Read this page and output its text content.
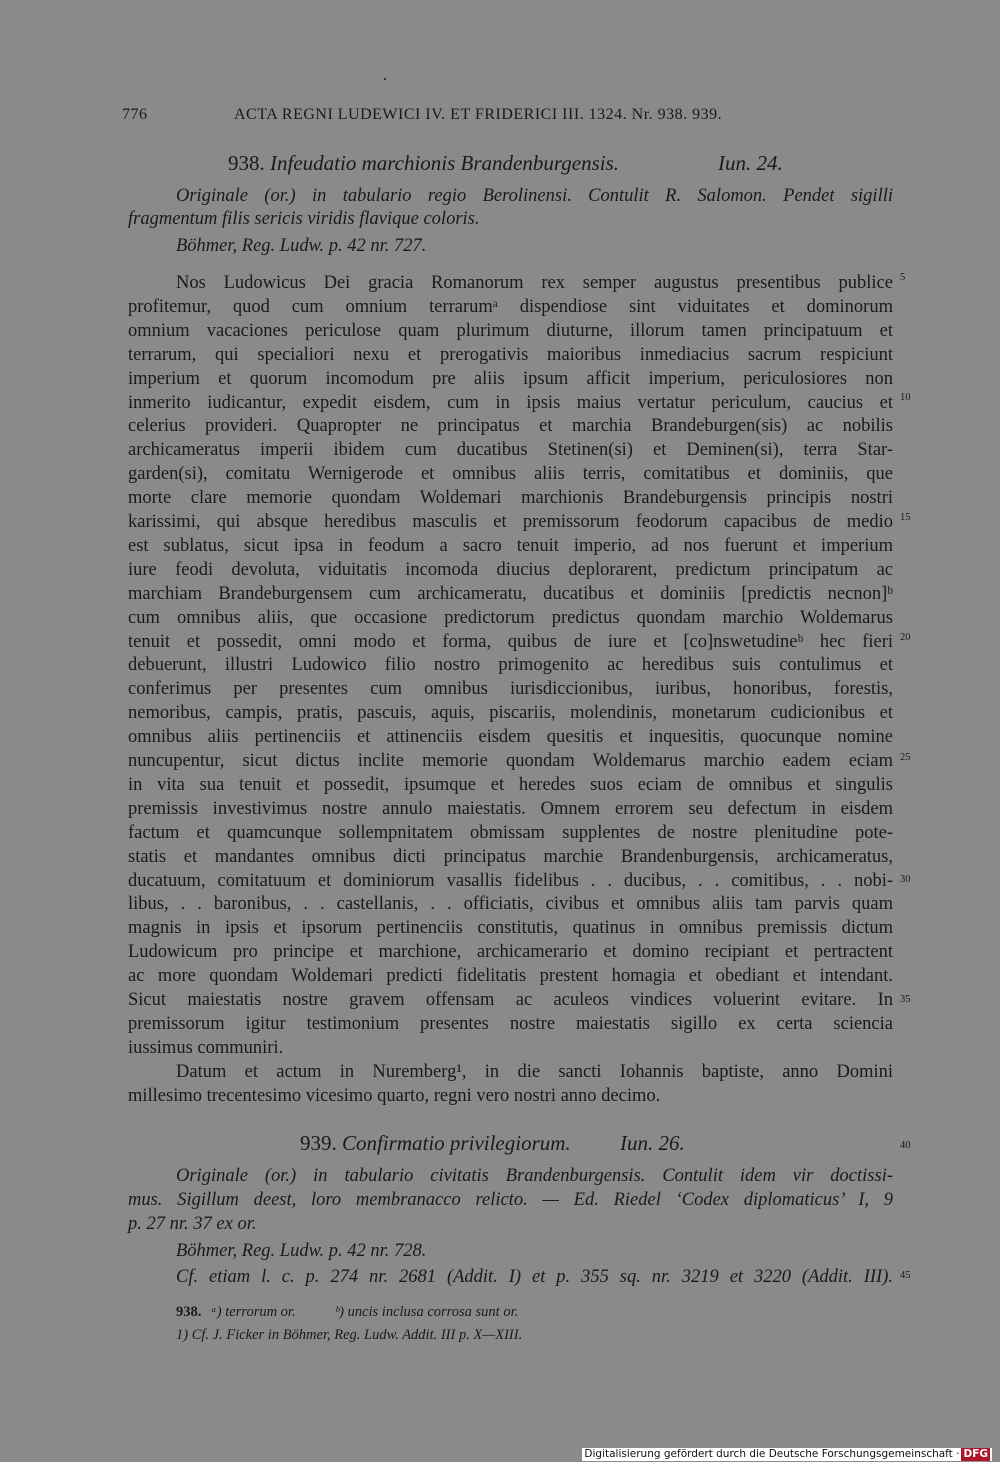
776	ACTA REGNI LUDEWICI IV. ET FRIDERICI III. 1324. Nr. 938. 939.
938. Infeudatio marchionis Brandenburgensis.	Iun. 24.
Originale (or.) in tabulario regio Berolinensi. Contulit R. Salomon. Pendet sigilli
fragmentum filis sericis viridis flavique coloris.
Böhmer, Reg. Ludw. p. 42 nr. 727.
Nos Ludowicus Dei gracia Romanorum rex semper augustus presentibus publice
profitemur, quod cum omnium terrarumᵃ dispendiose sint viduitates et dominorum
omnium vacaciones periculose quam plurimum diuturne, illorum tamen principatuum et
terrarum, qui specialiori nexu et prerogativis maioribus inmediacius sacrum respiciunt
imperium et quorum incomodum pre aliis ipsum afficit imperium, periculosiores non
inmerito iudicantur, expedit eisdem, cum in ipsis maius vertatur periculum, caucius et
celerius provideri. Quapropter ne principatus et marchia Brandeburgen(sis) ac nobilis
archicameratus imperii ibidem cum ducatibus Stetinen(si) et Deminen(si), terra Star-
garden(si), comitatu Wernigerode et omnibus aliis terris, comitatibus et dominiis, que
morte clare memorie quondam Woldemari marchionis Brandeburgensis principis nostri
karissimi, qui absque heredibus masculis et premissorum feodorum capacibus de medio
est sublatus, sicut ipsa in feodum a sacro tenuit imperio, ad nos fuerunt et imperium
iure feodi devoluta, viduitatis incomoda diucius deplorarent, predictum principatum ac
marchiam Brandeburgensem cum archicameratu, ducatibus et dominiis [predictis necnon]ᵇ
cum omnibus aliis, que occasione predictorum predictus quondam marchio Woldemarus
tenuit et possedit, omni modo et forma, quibus de iure et [co]nswetudineᵇ hec fieri
debuerunt, illustri Ludowico filio nostro primogenito ac heredibus suis contulimus et
conferimus per presentes cum omnibus iurisdiccionibus, iuribus, honoribus, forestis,
nemoribus, campis, pratis, pascuis, aquis, piscariis, molendinis, monetarum cudicionibus et
omnibus aliis pertinenciis et attinenciis eisdem quesitis et inquesitis, quocunque nomine
nuncupentur, sicut dictus inclite memorie quondam Woldemarus marchio eadem eciam
in vita sua tenuit et possedit, ipsumque et heredes suos eciam de omnibus et singulis
premissis investivimus nostre annulo maiestatis. Omnem errorem seu defectum in eisdem
factum et quamcunque sollempnitatem obmissam supplentes de nostre plenitudine pote-
statis et mandantes omnibus dicti principatus marchie Brandenburgensis, archicameratus,
ducatuum, comitatuum et dominiorum vasallis fidelibus . . ducibus, . . comitibus, . . nobi-
libus, . . baronibus, . . castellanis, . . officiatis, civibus et omnibus aliis tam parvis quam
magnis in ipsis et ipsorum pertinenciis constitutis, quatinus in omnibus premissis dictum
Ludowicum pro principe et marchione, archicamerario et domino recipiant et pertractent
ac more quondam Woldemari predicti fidelitatis prestent homagia et obediant et intendant.
Sicut maiestatis nostre gravem offensam ac aculeos vindices voluerint evitare. In
premissorum igitur testimonium presentes nostre maiestatis sigillo ex certa sciencia
iussimus communiri.
Datum et actum in Nuremberg¹, in die sancti Iohannis baptiste, anno Domini
millesimo trecentesimo vicesimo quarto, regni vero nostri anno decimo.
939. Confirmatio privilegiorum. Iun. 26.
Originale (or.) in tabulario civitatis Brandenburgensis. Contulit idem vir doctissi-
mus. Sigillum deest, loro membranacco relicto. — Ed. Riedel ‘Codex diplomaticus’ I, 9
p. 27 nr. 37 ex or.
Böhmer, Reg. Ludw. p. 42 nr. 728.
Cf. etiam l. c. p. 274 nr. 2681 (Addit. I) et p. 355 sq. nr. 3219 et 3220 (Addit. III).
938. ᵃ) terrorum or.	ᵇ) uncis inclusa corrosa sunt or.
1) Cf. J. Ficker in Böhmer, Reg. Ludw. Addit. III p. X—XIII.
5
10
15
20
25
30
35
40
45
Digitalisierung gefördert durch die Deutsche Forschungsgemeinschaft · DFG
